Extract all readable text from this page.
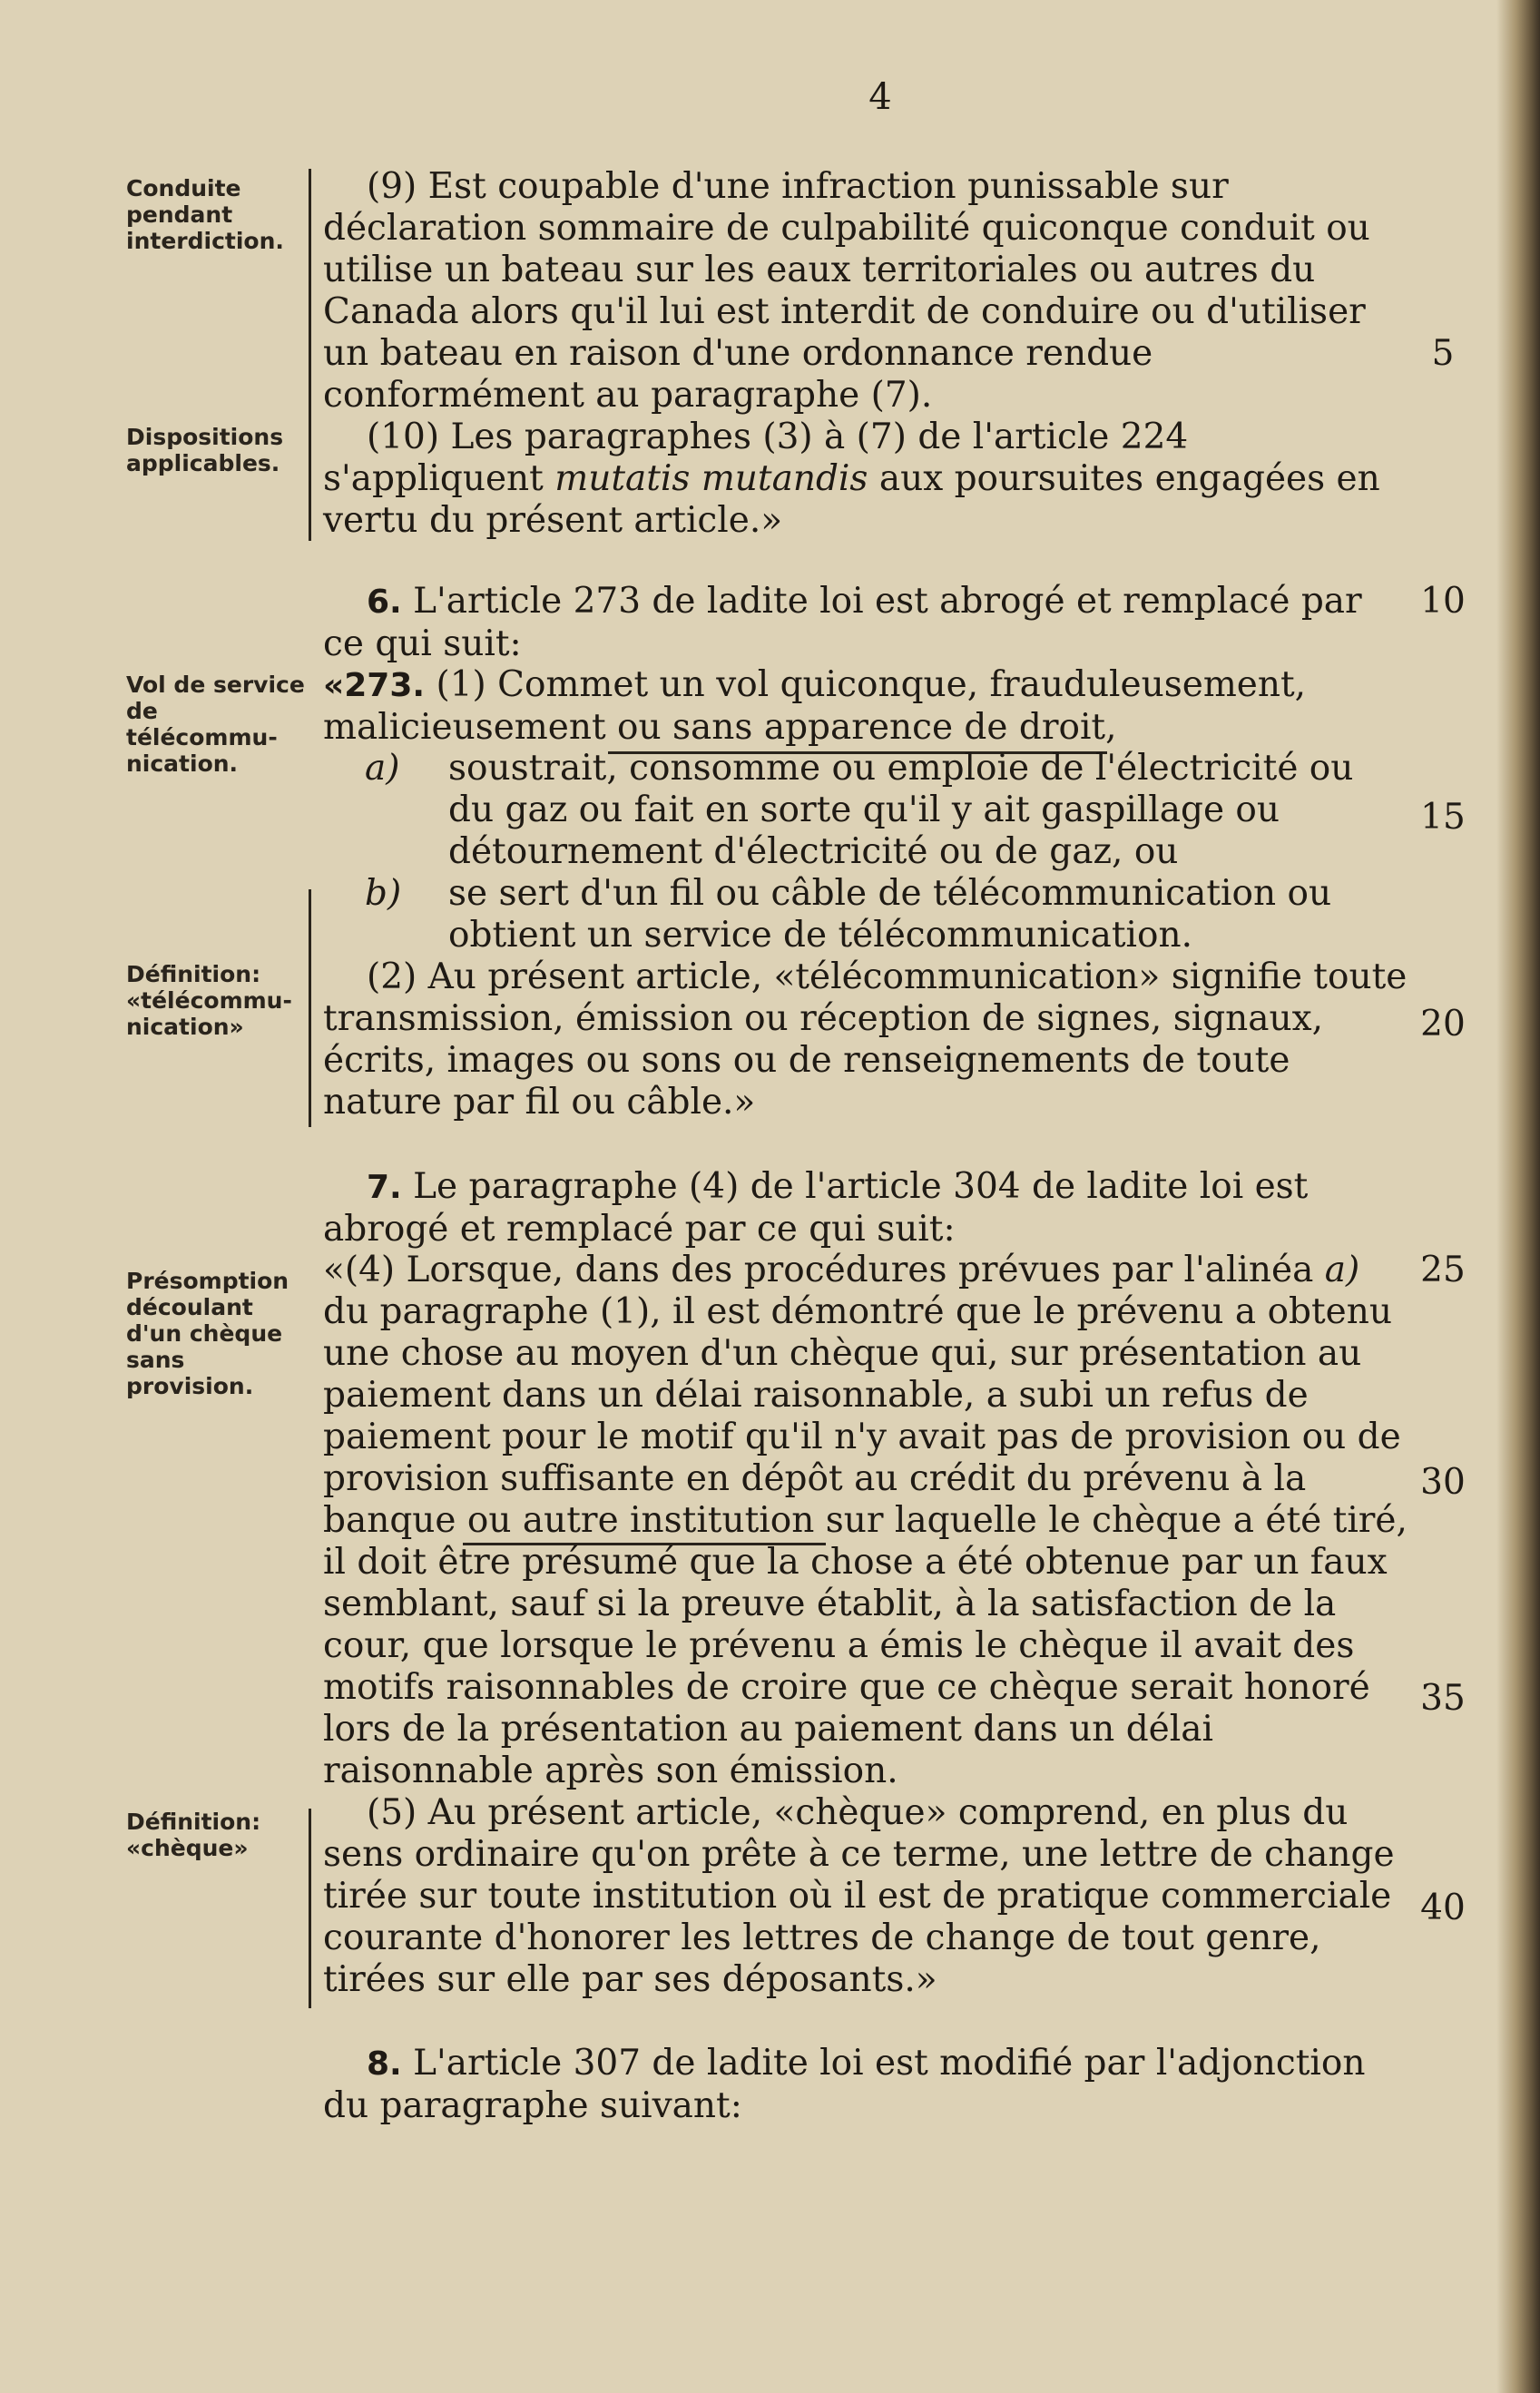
4
Conduite pendant interdiction.
Dispositions applicables.
Vol de service de télécommu- nication.
Définition: «télécommu- nication»
Présomption découlant d'un chèque sans provision.
Définition: «chèque»

(9) Est coupable d'une infraction punissable sur déclaration sommaire de culpabilité quiconque conduit ou utilise un bateau sur les eaux territoriales ou autres du Canada alors qu'il lui est interdit de conduire ou d'utiliser un bateau en raison d'une ordonnance rendue conformément au paragraphe (7).

(10) Les paragraphes (3) à (7) de l'article 224 s'appliquent mutatis mutandis aux poursuites engagées en vertu du présent article.»

6. L'article 273 de ladite loi est abrogé et remplacé par ce qui suit:

«273. (1) Commet un vol quiconque, frauduleusement, malicieusement ou sans apparence de droit,

a) soustrait, consomme ou emploie de l'électricité ou du gaz ou fait en sorte qu'il y ait gaspillage ou détournement d'électricité ou de gaz, ou
b) se sert d'un fil ou câble de télécommunication ou obtient un service de télécommunication.

(2) Au présent article, «télécommunication» signifie toute transmission, émission ou réception de signes, signaux, écrits, images ou sons ou de renseignements de toute nature par fil ou câble.»

7. Le paragraphe (4) de l'article 304 de ladite loi est abrogé et remplacé par ce qui suit:

«(4) Lorsque, dans des procédures prévues par l'alinéa a) du paragraphe (1), il est démontré que le prévenu a obtenu une chose au moyen d'un chèque qui, sur présentation au paiement dans un délai raisonnable, a subi un refus de paiement pour le motif qu'il n'y avait pas de provision ou de provision suffisante en dépôt au crédit du prévenu à la banque ou autre institution sur laquelle le chèque a été tiré, il doit être présumé que la chose a été obtenue par un faux semblant, sauf si la preuve établit, à la satisfaction de la cour, que lorsque le prévenu a émis le chèque il avait des motifs raisonnables de croire que ce chèque serait honoré lors de la présentation au paiement dans un délai raisonnable après son émission.

(5) Au présent article, «chèque» comprend, en plus du sens ordinaire qu'on prête à ce terme, une lettre de change tirée sur toute institution où il est de pratique commerciale courante d'honorer les lettres de change de tout genre, tirées sur elle par ses déposants.»

8. L'article 307 de ladite loi est modifié par l'adjonction du paragraphe suivant:

5
10
15
20
25
30
35
40
